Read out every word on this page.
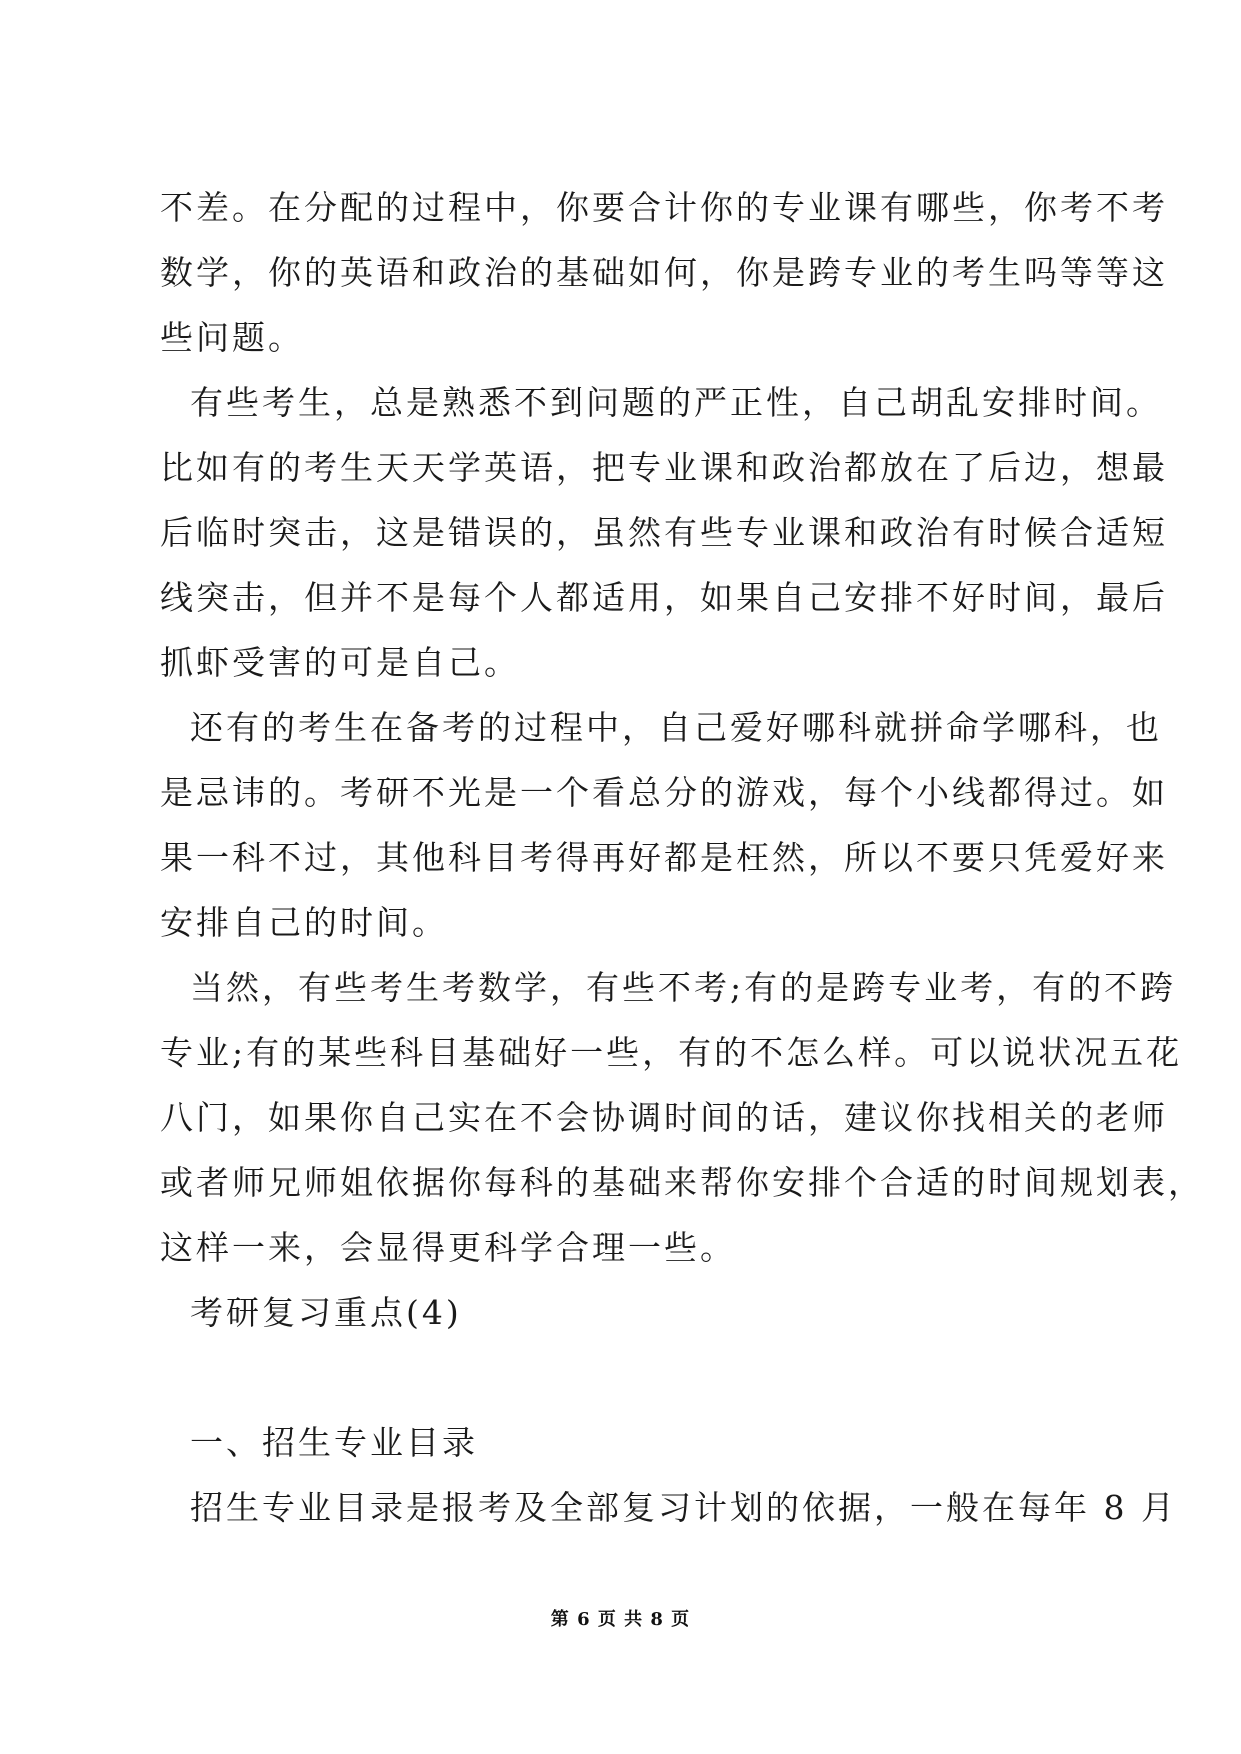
不差。在分配的过程中，你要合计你的专业课有哪些，你考不考
数学，你的英语和政治的基础如何，你是跨专业的考生吗等等这
些问题。
有些考生，总是熟悉不到问题的严正性，自己胡乱安排时间。
比如有的考生天天学英语，把专业课和政治都放在了后边，想最
后临时突击，这是错误的，虽然有些专业课和政治有时候合适短
线突击，但并不是每个人都适用，如果自己安排不好时间，最后
抓虾受害的可是自己。
还有的考生在备考的过程中，自己爱好哪科就拼命学哪科，也
是忌讳的。考研不光是一个看总分的游戏，每个小线都得过。如
果一科不过，其他科目考得再好都是枉然，所以不要只凭爱好来
安排自己的时间。
当然，有些考生考数学，有些不考;有的是跨专业考，有的不跨
专业;有的某些科目基础好一些，有的不怎么样。可以说状况五花
八门，如果你自己实在不会协调时间的话，建议你找相关的老师
或者师兄师姐依据你每科的基础来帮你安排个合适的时间规划表，
这样一来，会显得更科学合理一些。
考研复习重点(4)
一、招生专业目录
招生专业目录是报考及全部复习计划的依据，一般在每年 8 月
第 6 页 共 8 页
